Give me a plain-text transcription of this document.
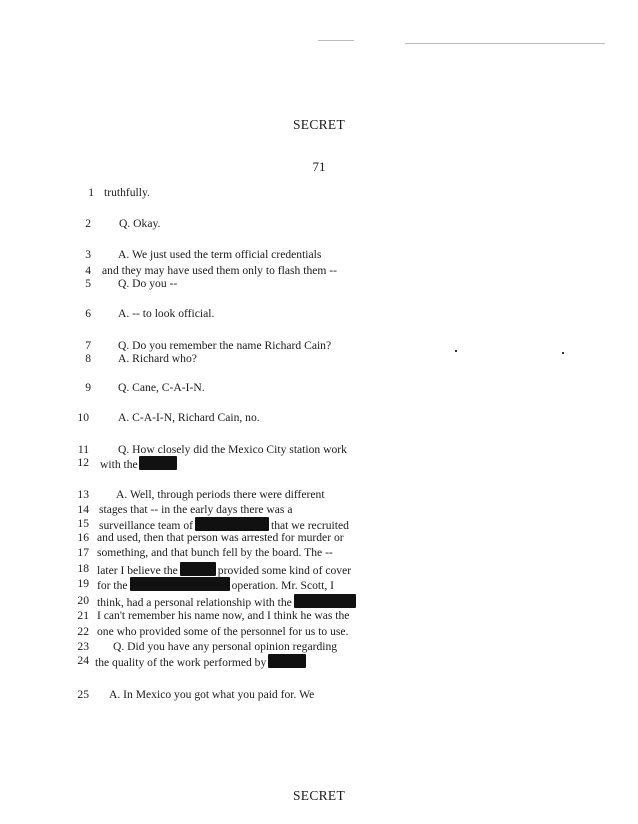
SECRET
71
1 truthfully.
2 Q. Okay.
3 A. We just used the term official credentials
4 and they may have used them only to flash them --
5 Q. Do you --
6 A. -- to look official.
7 Q. Do you remember the name Richard Cain?
8 A. Richard who?
9 Q. Cane, C-A-I-N.
10	A. C-A-I-N, Richard Cain, no.
11	Q. How closely did the Mexico City station work
12 with the
13 A. Well, through periods there were different
14 stages that -- in the early days there was a
15 surveillance team of	that we recruited
16 and used, then that person was arrested for murder or
17 something, and that bunch fell by the board. The --
18 later I believe the	provided some kind of cover
19 for the	operation. Mr. Scott, I
20 think, had a personal relationship with the
21 I can't remember his name now, and I think he was the
22 one who provided some of the personnel for us to use.
23 Q. Did you have any personal opinion regarding
24 the quality of the work performed by
25 A. In Mexico you got what you paid for. We
SECRET
